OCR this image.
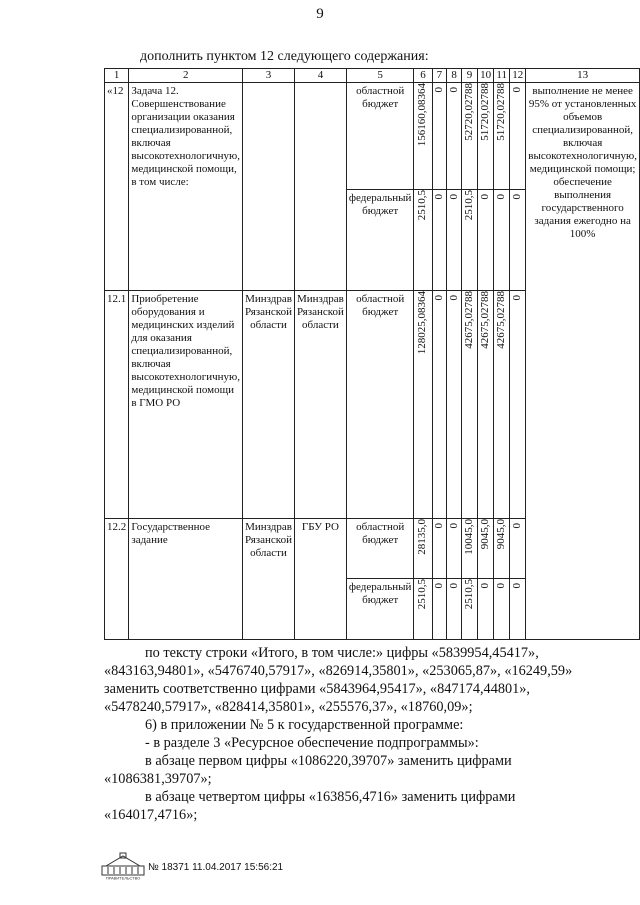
9
дополнить пунктом 12 следующего содержания:
1	2	3	4	5	6	7	8	9	10	11	12	13

«12	Задача 12. Совершенствование организации оказания специализированной, включая высокотехнологичную, медицинской помощи, в том числе:			областной бюджет	156160,08364	0	0	52720,02788	51720,02788	51720,02788	0	выполнение не менее 95% от установленных объемов специализированной, включая высокотехнологичную, медицинской помощи; обеспечение выполнения государственного задания ежегодно на 100%

				федеральный бюджет	2510,5	0	0	2510,5	0	0	0	

12.1	Приобретение оборудования и медицинских изделий для оказания специализированной, включая высокотехнологичную, медицинской помощи в ГМО РО	Минздрав Рязанской области	Минздрав Рязанской области	областной бюджет	128025,08364	0	0	42675,02788	42675,02788	42675,02788	0	

12.2	Государственное задание	Минздрав Рязанской области	ГБУ РО	областной бюджет	28135,0	0	0	10045,0	9045,0	9045,0	0	

				федеральный бюджет	2510,5	0	0	2510,5	0	0	0	
по тексту строки «Итого, в том числе:» цифры «5839954,45417»,
«843163,94801», «5476740,57917», «826914,35801», «253065,87», «16249,59»
заменить соответственно цифрами «5843964,95417», «847174,44801»,
«5478240,57917», «828414,35801», «255576,37», «18760,09»;
6) в приложении № 5 к государственной программе:
- в разделе 3 «Ресурсное обеспечение подпрограммы»:
в абзаце первом цифры «1086220,39707» заменить цифрами
«1086381,39707»;
в абзаце четвертом цифры «163856,4716» заменить цифрами
«164017,4716»;
ПРАВИТЕЛЬСТВО
№ 18371 11.04.2017 15:56:21
